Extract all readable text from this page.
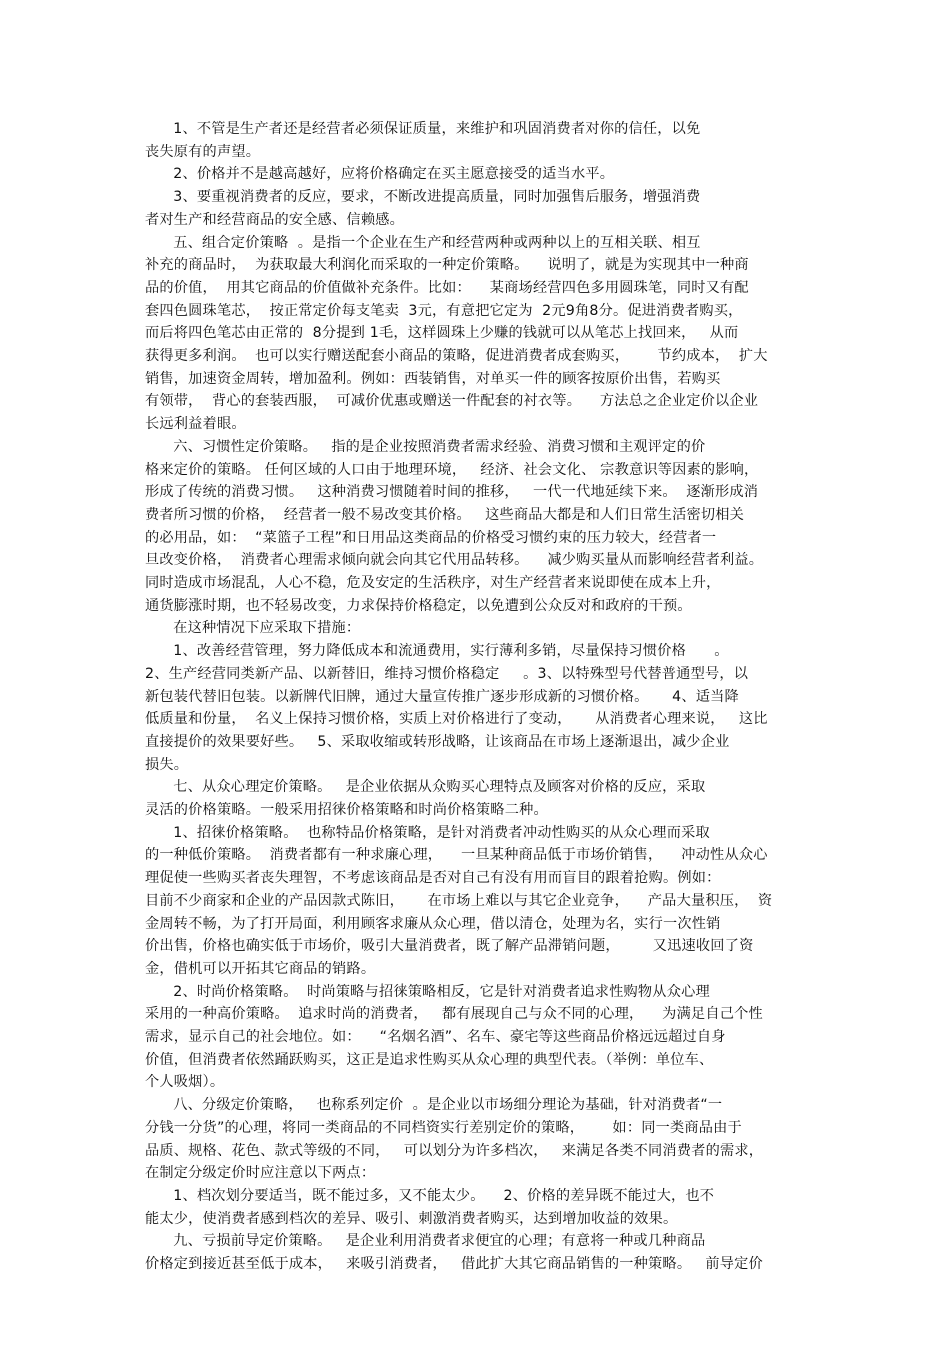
1、不管是生产者还是经营者必须保证质量，来维护和巩固消费者对你的信任，以免
丧失原有的声望。
2、价格并不是越高越好，应将价格确定在买主愿意接受的适当水平。
3、要重视消费者的反应，要求，不断改进提高质量，同时加强售后服务，增强消费
者对生产和经营商品的安全感、信赖感。
五、组合定价策略  。是指一个企业在生产和经营两种或两种以上的互相关联、相互
补充的商品时，  为获取最大利润化而采取的一种定价策略。    说明了，就是为实现其中一种商
品的价值，  用其它商品的价值做补充条件。比如：    某商场经营四色多用圆珠笔，同时又有配
套四色圆珠笔芯，  按正常定价每支笔卖  3元，有意把它定为  2元9角8分。促进消费者购买，
而后将四色笔芯由正常的  8分提到 1毛，这样圆珠上少赚的钱就可以从笔芯上找回来，   从而
获得更多利润。  也可以实行赠送配套小商品的策略，促进消费者成套购买，      节约成本，  扩大
销售，加速资金周转，增加盈利。例如：西装销售，对单买一件的顾客按原价出售，若购买
有领带，  背心的套装西服，  可减价优惠或赠送一件配套的衬衣等。    方法总之企业定价以企业
长远利益着眼。
六、习惯性定价策略。   指的是企业按照消费者需求经验、消费习惯和主观评定的价
格来定价的策略。 任何区域的人口由于地理环境，   经济、社会文化、 宗教意识等因素的影响，
形成了传统的消费习惯。   这种消费习惯随着时间的推移，   一代一代地延续下来。  逐渐形成消
费者所习惯的价格，  经营者一般不易改变其价格。   这些商品大都是和人们日常生活密切相关
的必用品，如：  “菜篮子工程”和日用品这类商品的价格受习惯约束的压力较大，经营者一
旦改变价格，  消费者心理需求倾向就会向其它代用品转移。    减少购买量从而影响经营者利益。
同时造成市场混乱，人心不稳，危及安定的生活秩序，对生产经营者来说即使在成本上升，
通货膨涨时期，也不轻易改变，力求保持价格稳定，以免遭到公众反对和政府的干预。
在这种情况下应采取下措施：
1、改善经营管理，努力降低成本和流通费用，实行薄利多销，尽量保持习惯价格      。
2、生产经营同类新产品、以新替旧，维持习惯价格稳定     。3、以特殊型号代替普通型号，以
新包装代替旧包装。以新牌代旧牌，通过大量宣传推广逐步形成新的习惯价格。     4、适当降
低质量和份量，  名义上保持习惯价格，实质上对价格进行了变动，     从消费者心理来说，   这比
直接提价的效果要好些。   5、采取收缩或转形战略，让该商品在市场上逐渐退出，减少企业
损失。
七、从众心理定价策略。   是企业依据从众购买心理特点及顾客对价格的反应，采取
灵活的价格策略。一般采用招徕价格策略和时尚价格策略二种。
1、招徕价格策略。  也称特品价格策略，是针对消费者冲动性购买的从众心理而采取
的一种低价策略。  消费者都有一种求廉心理，    一旦某种商品低于市场价销售，    冲动性从众心
理促使一些购买者丧失理智，不考虑该商品是否对自己有没有用而盲目的跟着抢购。例如：
目前不少商家和企业的产品因款式陈旧，     在市场上难以与其它企业竞争，    产品大量积压，  资
金周转不畅，为了打开局面，利用顾客求廉从众心理，借以清仓，处理为名，实行一次性销
价出售，价格也确实低于市场价，吸引大量消费者，既了解产品滞销问题，       又迅速收回了资
金，借机可以开拓其它商品的销路。
2、时尚价格策略。  时尚策略与招徕策略相反，它是针对消费者追求性购物从众心理
采用的一种高价策略。  追求时尚的消费者，   都有展现自己与众不同的心理，    为满足自己个性
需求，显示自己的社会地位。如：    “名烟名酒”、名车、豪宅等这些商品价格远远超过自身
价值，但消费者依然踊跃购买，这正是追求性购买从众心理的典型代表。（举例：单位车、
个人吸烟）。
八、分级定价策略，   也称系列定价  。是企业以市场细分理论为基础，针对消费者“一
分钱一分货”的心理，将同一类商品的不同档资实行差别定价的策略，      如：同一类商品由于
品质、规格、花色、款式等级的不同，   可以划分为许多档次，   来满足各类不同消费者的需求，
在制定分级定价时应注意以下两点：
1、档次划分要适当，既不能过多，又不能太少。    2、价格的差异既不能过大，也不
能太少，使消费者感到档次的差异、吸引、刺激消费者购买，达到增加收益的效果。
九、亏损前导定价策略。   是企业利用消费者求便宜的心理；有意将一种或几种商品
价格定到接近甚至低于成本，   来吸引消费者，   借此扩大其它商品销售的一种策略。   前导定价
